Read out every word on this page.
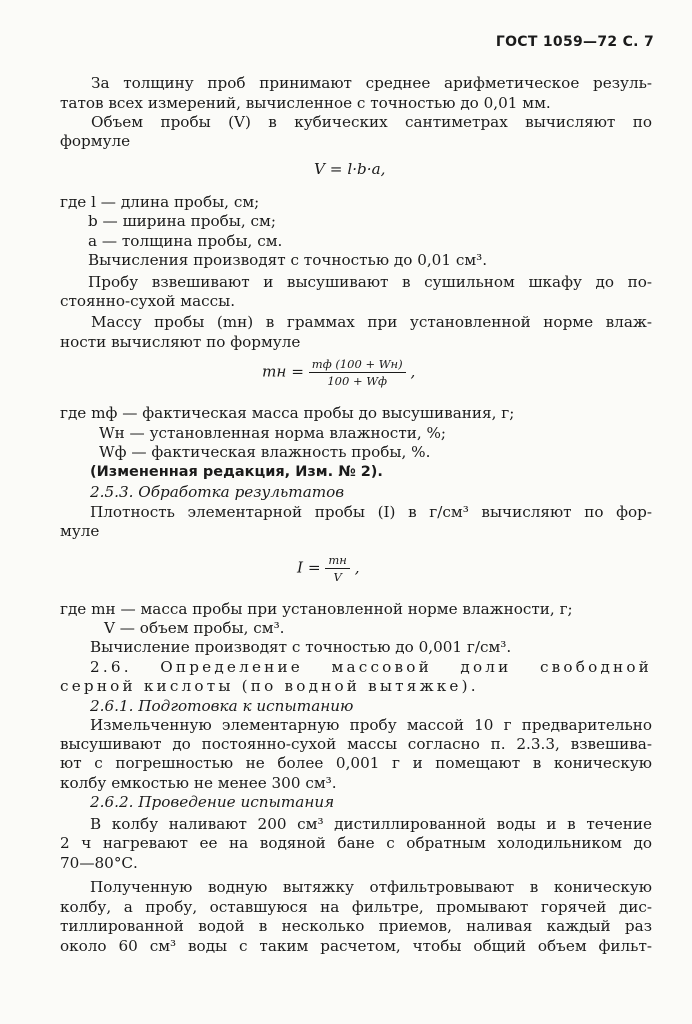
ГОСТ 1059—72 С. 7
За толщину проб принимают среднее арифметическое резуль-
татов всех измерений, вычисленное с точностью до 0,01 мм.
Объем пробы (V) в кубических сантиметрах вычисляют по
формуле
V = l·b·a,
где l — длина пробы, см;
b — ширина пробы, см;
a — толщина пробы, см.
Вычисления производят с точностью до 0,01 см³.
Пробу взвешивают и высушивают в сушильном шкафу до по-
стоянно-сухой массы.
Массу пробы (mн) в граммах при установленной норме влаж-
ности вычисляют по формуле
mн = $\frac{mф (100 + Wн)}{100 + Wф}$ ,
где mф — фактическая масса пробы до высушивания, г;
Wн — установленная норма влажности, %;
Wф — фактическая влажность пробы, %.
(Измененная редакция, Изм. № 2).
2.5.3. Обработка результатов
Плотность элементарной пробы (I) в г/см³ вычисляют по фор-
муле
$I = \frac{mн}{V}$ ,
где mн — масса пробы при установленной норме влажности, г;
V — объем пробы, см³.
Вычисление производят с точностью до 0,001 г/см³.
2.6. Определение массовой доли свободной
серной кислоты (по водной вытяжке).
2.6.1. Подготовка к испытанию
Измельченную элементарную пробу массой 10 г предварительно
высушивают до постоянно-сухой массы согласно п. 2.3.3, взвешива-
ют с погрешностью не более 0,001 г и помещают в коническую
колбу емкостью не менее 300 см³.
2.6.2. Проведение испытания
В колбу наливают 200 см³ дистиллированной воды и в течение
2 ч нагревают ее на водяной бане с обратным холодильником до
70—80°С.
Полученную водную вытяжку отфильтровывают в коническую
колбу, а пробу, оставшуюся на фильтре, промывают горячей дис-
тиллированной водой в несколько приемов, наливая каждый раз
около 60 см³ воды с таким расчетом, чтобы общий объем фильт-
